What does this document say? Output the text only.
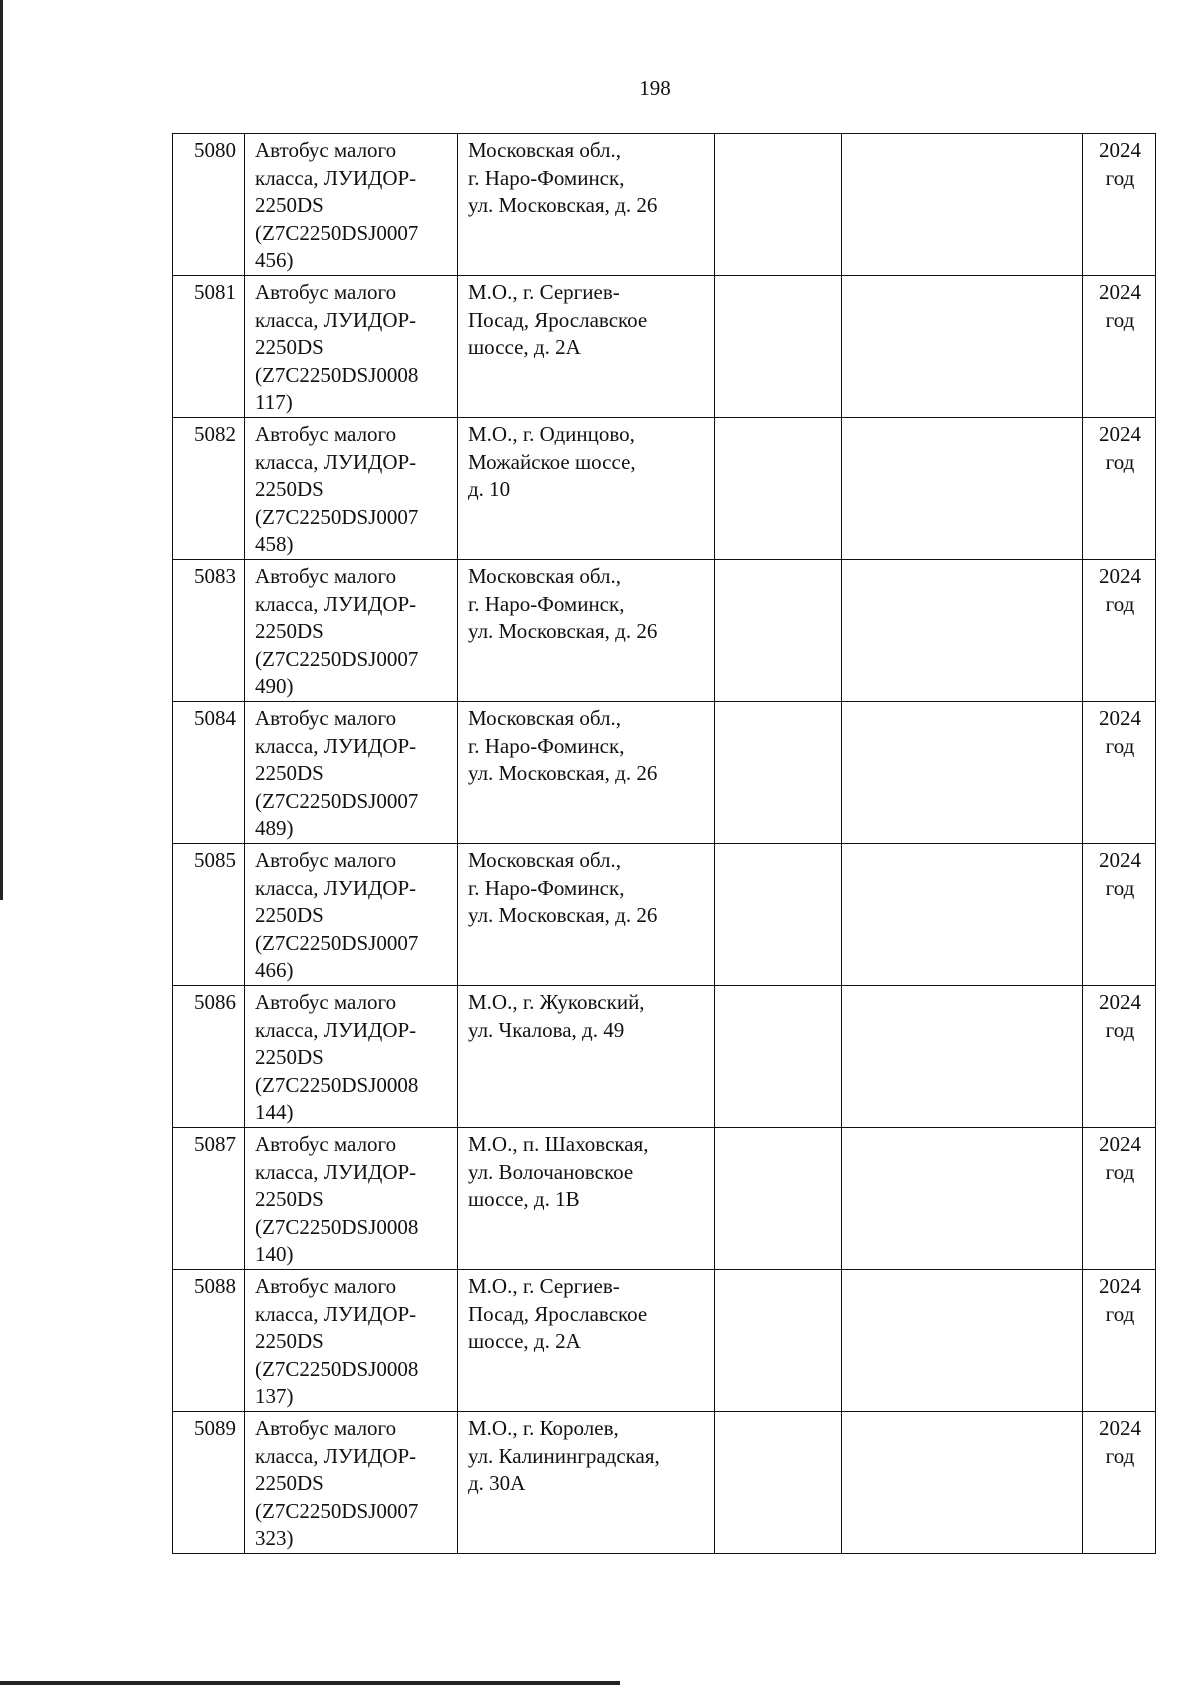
198
5080	Автобус малого
класса, ЛУИДОР-
2250DS
(Z7C2250DSJ0007
456)	Московская обл.,
г. Наро-Фоминск,
ул. Московская, д. 26			2024
год

5081	Автобус малого
класса, ЛУИДОР-
2250DS
(Z7C2250DSJ0008
117)	М.О., г. Сергиев-
Посад, Ярославское
шоссе, д. 2А			2024
год

5082	Автобус малого
класса, ЛУИДОР-
2250DS
(Z7C2250DSJ0007
458)	М.О., г. Одинцово,
Можайское шоссе,
д. 10			2024
год

5083	Автобус малого
класса, ЛУИДОР-
2250DS
(Z7C2250DSJ0007
490)	Московская обл.,
г. Наро-Фоминск,
ул. Московская, д. 26			2024
год

5084	Автобус малого
класса, ЛУИДОР-
2250DS
(Z7C2250DSJ0007
489)	Московская обл.,
г. Наро-Фоминск,
ул. Московская, д. 26			2024
год

5085	Автобус малого
класса, ЛУИДОР-
2250DS
(Z7C2250DSJ0007
466)	Московская обл.,
г. Наро-Фоминск,
ул. Московская, д. 26			2024
год

5086	Автобус малого
класса, ЛУИДОР-
2250DS
(Z7C2250DSJ0008
144)	М.О., г. Жуковский,
ул. Чкалова, д. 49			2024
год

5087	Автобус малого
класса, ЛУИДОР-
2250DS
(Z7C2250DSJ0008
140)	М.О., п. Шаховская,
ул. Волочановское
шоссе, д. 1В			2024
год

5088	Автобус малого
класса, ЛУИДОР-
2250DS
(Z7C2250DSJ0008
137)	М.О., г. Сергиев-
Посад, Ярославское
шоссе, д. 2А			2024
год

5089	Автобус малого
класса, ЛУИДОР-
2250DS
(Z7C2250DSJ0007
323)	М.О., г. Королев,
ул. Калининградская,
д. 30А			2024
год
